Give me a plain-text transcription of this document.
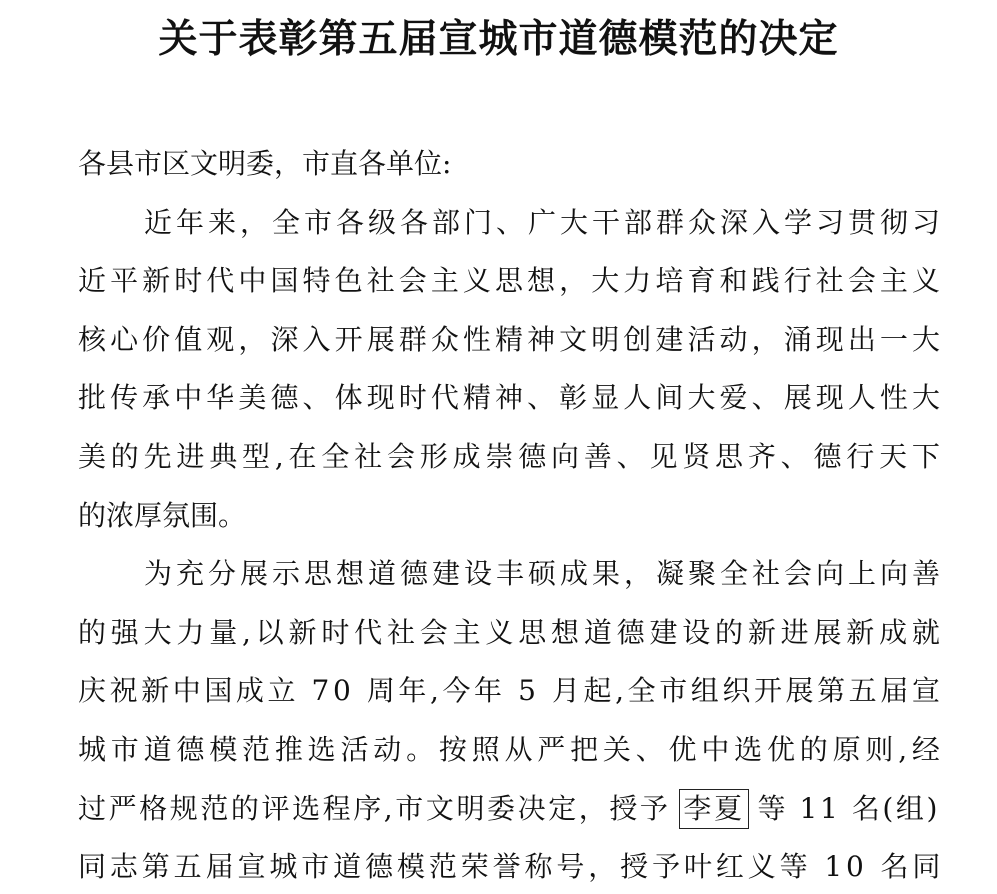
关于表彰第五届宣城市道德模范的决定
各县市区文明委，市直各单位:
近年来，全市各级各部门、广大干部群众深入学习贯彻习
近平新时代中国特色社会主义思想，大力培育和践行社会主义
核心价值观，深入开展群众性精神文明创建活动，涌现出一大
批传承中华美德、体现时代精神、彰显人间大爱、展现人性大
美的先进典型,在全社会形成崇德向善、见贤思齐、德行天下
的浓厚氛围。
为充分展示思想道德建设丰硕成果，凝聚全社会向上向善
的强大力量,以新时代社会主义思想道德建设的新进展新成就
庆祝新中国成立 70 周年,今年 5 月起,全市组织开展第五届宣
城市道德模范推选活动。按照从严把关、优中选优的原则,经
过严格规范的评选程序,市文明委决定，授予 李夏 等 11 名(组)
同志第五届宣城市道德模范荣誉称号，授予叶红义等 10 名同
